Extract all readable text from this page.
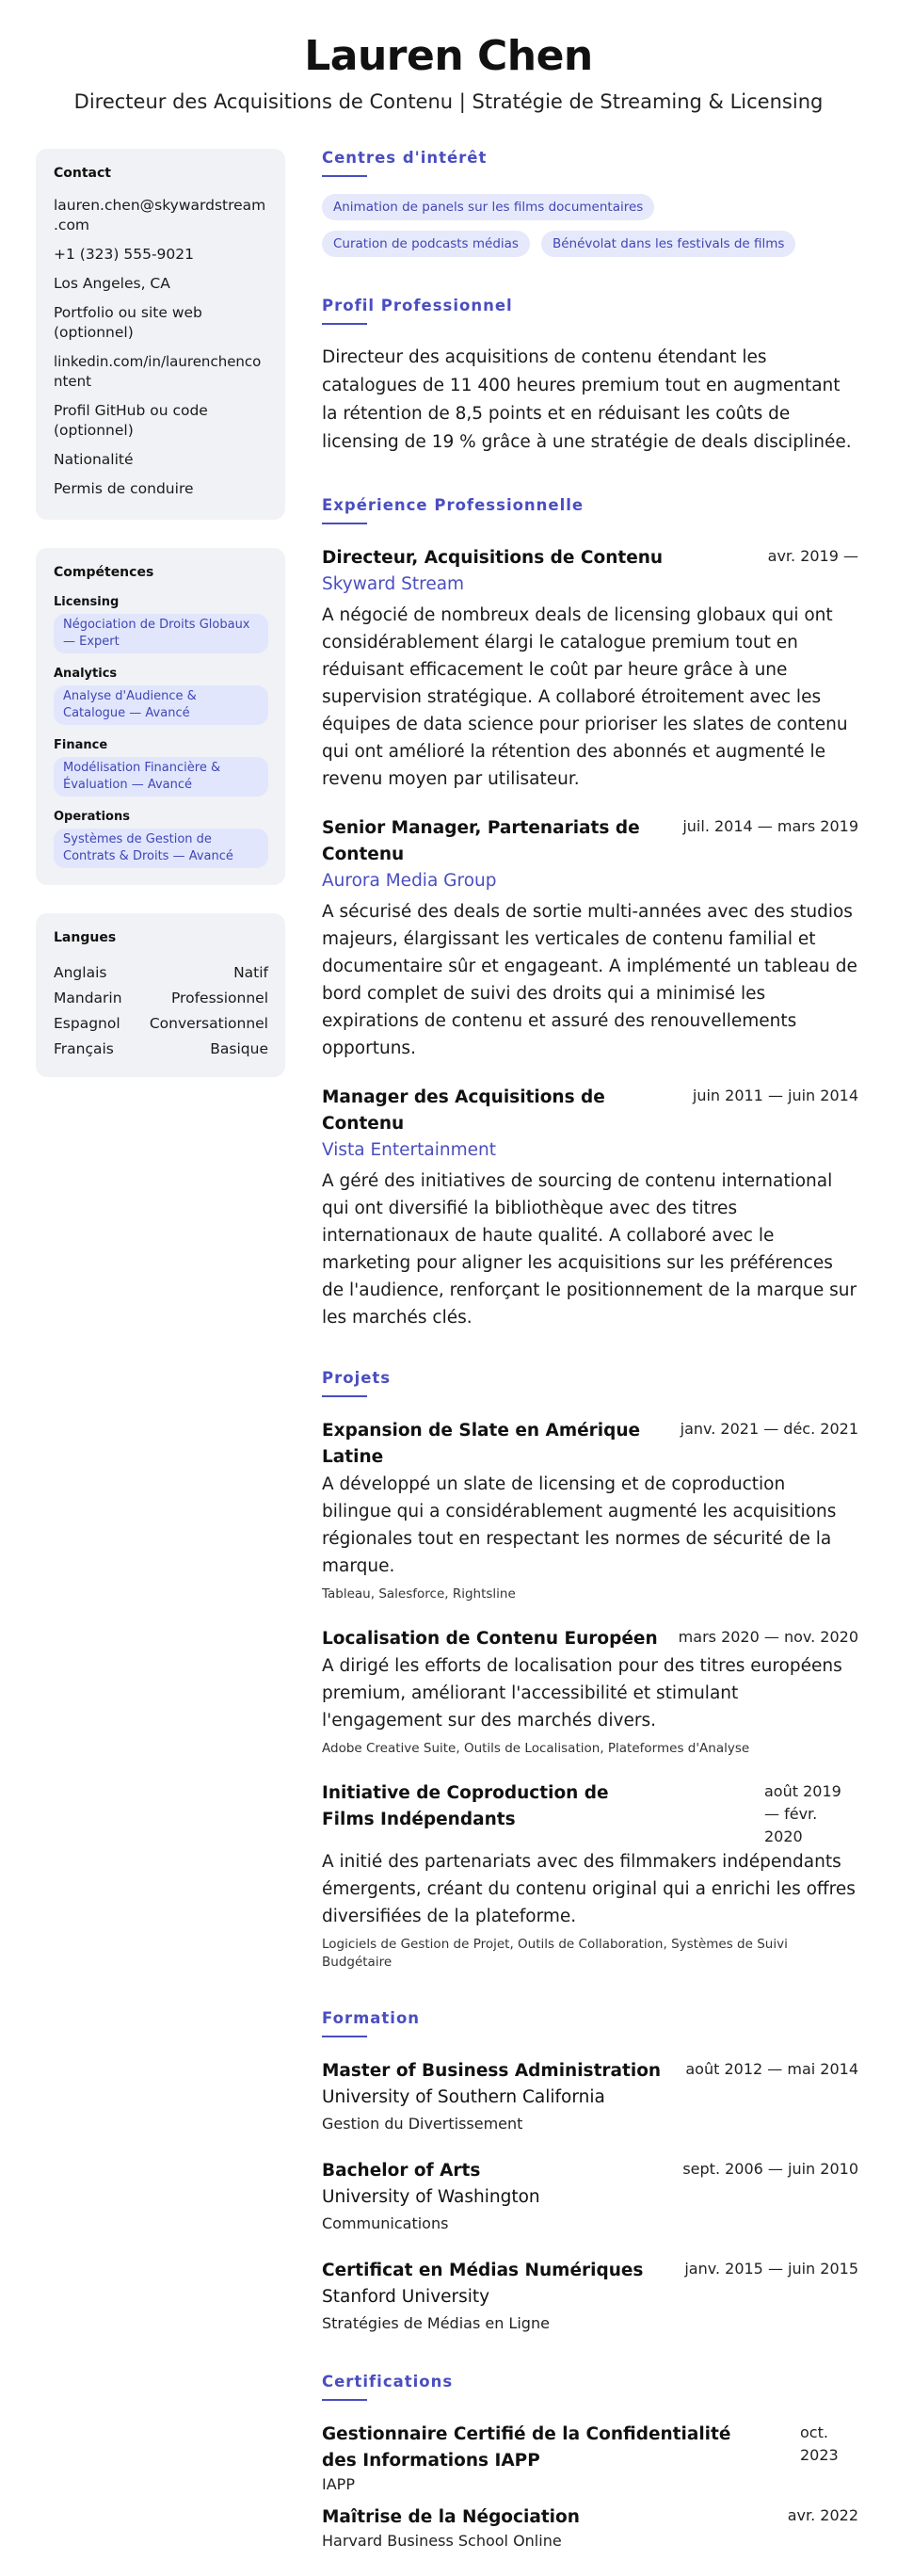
Lauren Chen
Directeur des Acquisitions de Contenu | Stratégie de Streaming & Licensing
Contact
lauren.chen@skywardstream.com
+1 (323) 555-9021
Los Angeles, CA
Portfolio ou site web (optionnel)
linkedin.com/in/laurenchencontent
Profil GitHub ou code (optionnel)
Nationalité
Permis de conduire
Compétences
Licensing
Négociation de Droits Globaux — Expert
Analytics
Analyse d'Audience & Catalogue — Avancé
Finance
Modélisation Financière & Évaluation — Avancé
Operations
Systèmes de Gestion de Contrats & Droits — Avancé
Langues
Anglais	Natif
Mandarin	Professionnel
Espagnol Conversationnel
Français	Basique
Centres d'intérêt
Animation de panels sur les films documentaires
Curation de podcasts médias	Bénévolat dans les festivals de films
Profil Professionnel
Directeur des acquisitions de contenu étendant les catalogues de 11 400 heures premium tout en augmentant la rétention de 8,5 points et en réduisant les coûts de licensing de 19 % grâce à une stratégie de deals disciplinée.
Expérience Professionnelle
Directeur, Acquisitions de Contenu	avr. 2019 —
Skyward Stream
A négocié de nombreux deals de licensing globaux qui ont considérablement élargi le catalogue premium tout en réduisant efficacement le coût par heure grâce à une supervision stratégique. A collaboré étroitement avec les équipes de data science pour prioriser les slates de contenu qui ont amélioré la rétention des abonnés et augmenté le revenu moyen par utilisateur.
Senior Manager, Partenariats de Contenu
juil. 2014 — mars 2019
Aurora Media Group
A sécurisé des deals de sortie multi-années avec des studios majeurs, élargissant les verticales de contenu familial et documentaire sûr et engageant. A implémenté un tableau de bord complet de suivi des droits qui a minimisé les expirations de contenu et assuré des renouvellements opportuns.
Manager des Acquisitions de Contenu
juin 2011 — juin 2014
Vista Entertainment
A géré des initiatives de sourcing de contenu international qui ont diversifié la bibliothèque avec des titres internationaux de haute qualité. A collaboré avec le marketing pour aligner les acquisitions sur les préférences de l'audience, renforçant le positionnement de la marque sur les marchés clés.
Projets
Expansion de Slate en Amérique Latine
janv. 2021 — déc. 2021
A développé un slate de licensing et de coproduction bilingue qui a considérablement augmenté les acquisitions régionales tout en respectant les normes de sécurité de la marque.
Tableau, Salesforce, Rightsline
Localisation de Contenu Européen mars 2020 — nov. 2020
A dirigé les efforts de localisation pour des titres européens premium, améliorant l'accessibilité et stimulant l'engagement sur des marchés divers.
Adobe Creative Suite, Outils de Localisation, Plateformes d'Analyse
Initiative de Coproduction de Films Indépendants
août 2019 — févr. 2020
A initié des partenariats avec des filmmakers indépendants émergents, créant du contenu original qui a enrichi les offres diversifiées de la plateforme.
Logiciels de Gestion de Projet, Outils de Collaboration, Systèmes de Suivi Budgétaire
Formation
Master of Business Administration août 2012 — mai 2014
University of Southern California
Gestion du Divertissement
Bachelor of Arts	sept. 2006 — juin 2010
University of Washington
Communications
Certificat en Médias Numériques	janv. 2015 — juin 2015
Stanford University
Stratégies de Médias en Ligne
Certifications
Gestionnaire Certifié de la Confidentialité des Informations IAPP
oct. 2023
IAPP
Maîtrise de la Négociation	avr. 2022
Harvard Business School Online
